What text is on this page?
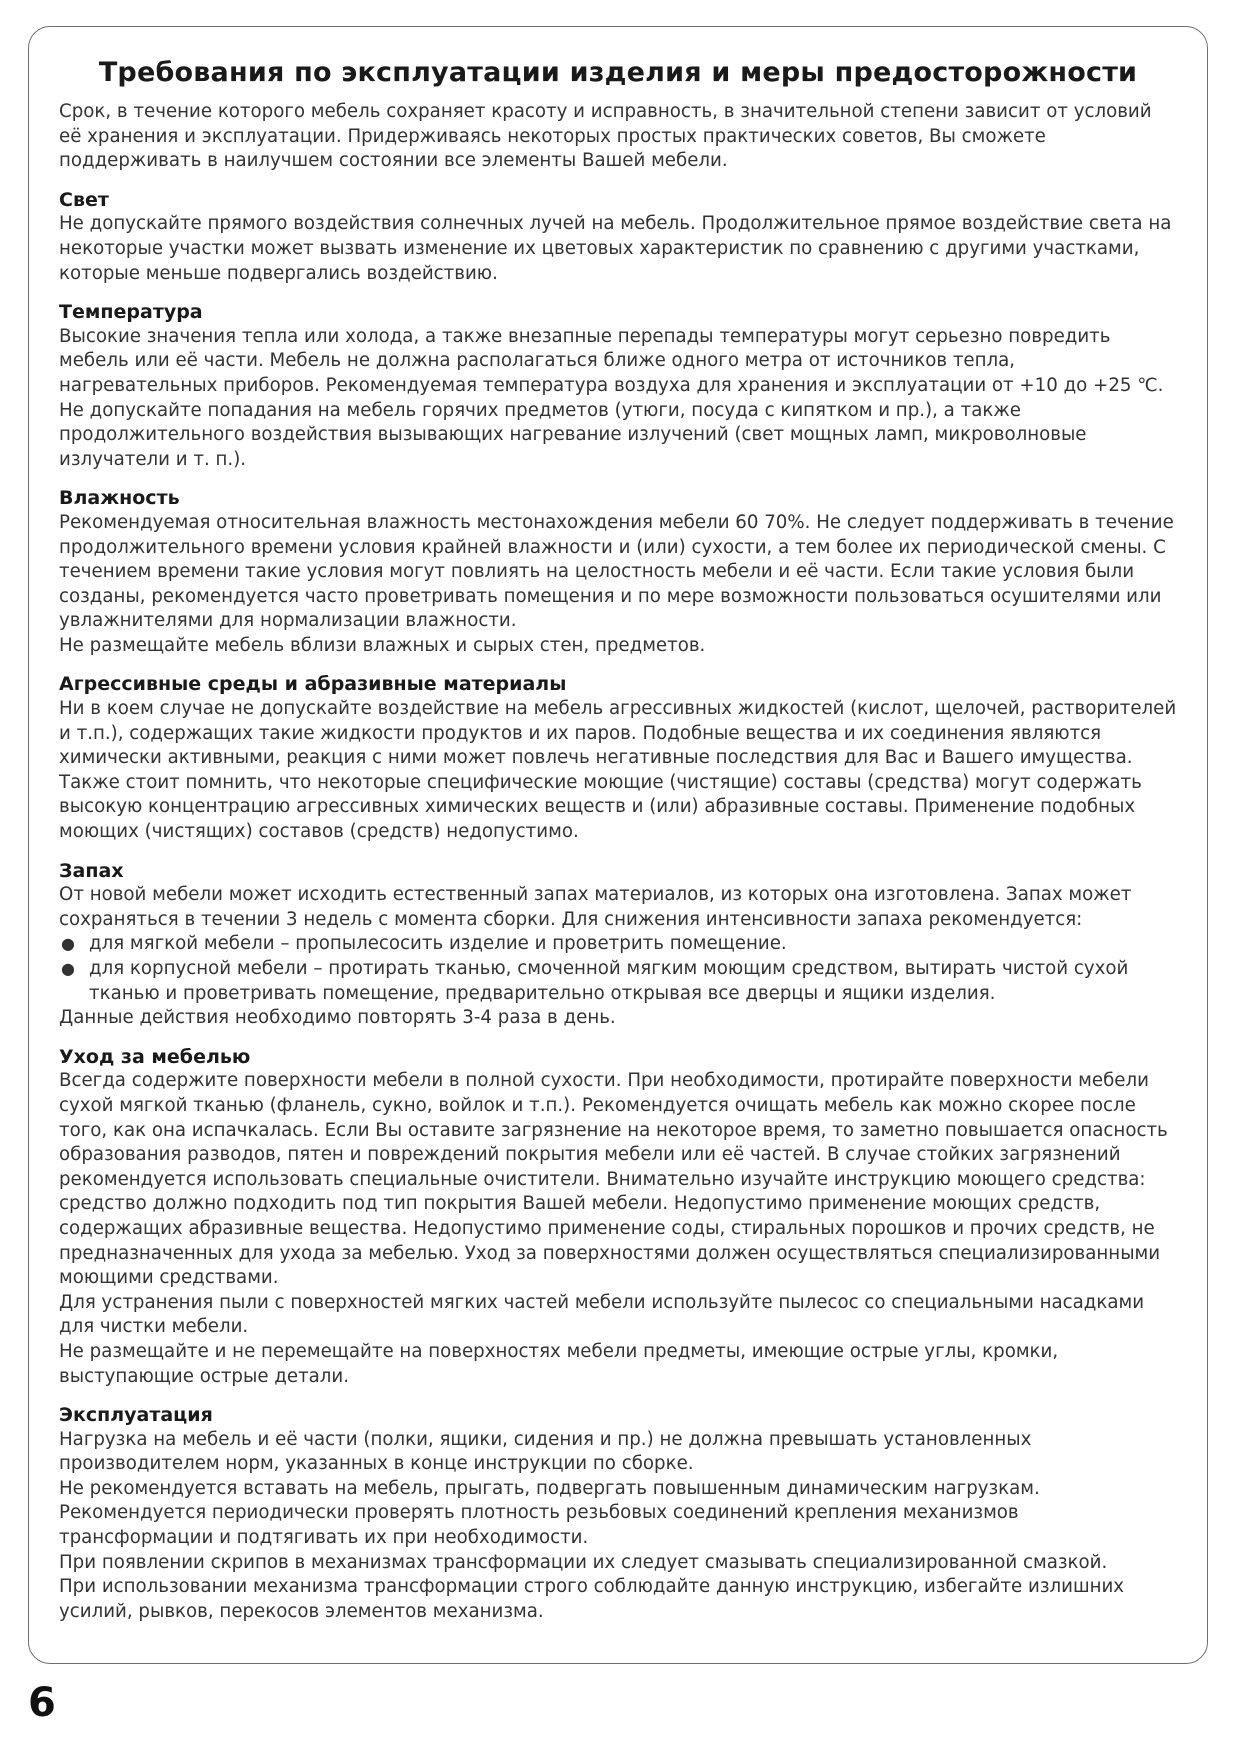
Требования по эксплуатации изделия и меры предосторожности

Срок, в течение которого мебель сохраняет красоту и исправность, в значительной степени зависит от условий её хранения и эксплуатации. Придерживаясь некоторых простых практических советов, Вы сможете поддерживать в наилучшем состоянии все элементы Вашей мебели.

Свет

Не допускайте прямого воздействия солнечных лучей на мебель. Продолжительное прямое воздействие света на некоторые участки может вызвать изменение их цветовых характеристик по сравнению с другими участками, которые меньше подвергались воздействию.

Температура

Высокие значения тепла или холода, а также внезапные перепады температуры могут серьезно повредить мебель или её части. Мебель не должна располагаться ближе одного метра от источников тепла, нагревательных приборов. Рекомендуемая температура воздуха для хранения и эксплуатации от +10 до +25 ℃. Не допускайте попадания на мебель горячих предметов (утюги, посуда с кипятком и пр.), а также продолжительного воздействия вызывающих нагревание излучений (свет мощных ламп, микроволновые излучатели и т. п.).

Влажность

Рекомендуемая относительная влажность местонахождения мебели 60 70%. Не следует поддерживать в течение продолжительного времени условия крайней влажности и (или) сухости, а тем более их периодической смены. С течением времени такие условия могут повлиять на целостность мебели и её части. Если такие условия были созданы, рекомендуется часто проветривать помещения и по мере возможности пользоваться осушителями или увлажнителями для нормализации влажности.

Не размещайте мебель вблизи влажных и сырых стен, предметов.

Агрессивные среды и абразивные материалы

Ни в коем случае не допускайте воздействие на мебель агрессивных жидкостей (кислот, щелочей, растворителей и т.п.), содержащих такие жидкости продуктов и их паров. Подобные вещества и их соединения являются химически активными, реакция с ними может повлечь негативные последствия для Вас и Вашего имущества. Также стоит помнить, что некоторые специфические моющие (чистящие) составы (средства) могут содержать высокую концентрацию агрессивных химических веществ и (или) абразивные составы. Применение подобных моющих (чистящих) составов (средств) недопустимо.

Запах

От новой мебели может исходить естественный запах материалов, из которых она изготовлена. Запах может сохраняться в течении 3 недель с момента сборки. Для снижения интенсивности запаха рекомендуется:

● для мягкой мебели – пропылесосить изделие и проветрить помещение.
● для корпусной мебели – протирать тканью, смоченной мягким моющим средством, вытирать чистой сухой тканью и проветривать помещение, предварительно открывая все дверцы и ящики изделия.

Данные действия необходимо повторять 3-4 раза в день.

Уход за мебелью

Всегда содержите поверхности мебели в полной сухости. При необходимости, протирайте поверхности мебели сухой мягкой тканью (фланель, сукно, войлок и т.п.). Рекомендуется очищать мебель как можно скорее после того, как она испачкалась. Если Вы оставите загрязнение на некоторое время, то заметно повышается опасность образования разводов, пятен и повреждений покрытия мебели или её частей. В случае стойких загрязнений рекомендуется использовать специальные очистители. Внимательно изучайте инструкцию моющего средства: средство должно подходить под тип покрытия Вашей мебели. Недопустимо применение моющих средств, содержащих абразивные вещества. Недопустимо применение соды, стиральных порошков и прочих средств, не предназначенных для ухода за мебелью. Уход за поверхностями должен осуществляться специализированными моющими средствами.

Для устранения пыли с поверхностей мягких частей мебели используйте пылесос со специальными насадками для чистки мебели.

Не размещайте и не перемещайте на поверхностях мебели предметы, имеющие острые углы, кромки, выступающие острые детали.

Эксплуатация

Нагрузка на мебель и её части (полки, ящики, сидения и пр.) не должна превышать установленных производителем норм, указанных в конце инструкции по сборке.

Не рекомендуется вставать на мебель, прыгать, подвергать повышенным динамическим нагрузкам.

Рекомендуется периодически проверять плотность резьбовых соединений крепления механизмов трансформации и подтягивать их при необходимости.

При появлении скрипов в механизмах трансформации их следует смазывать специализированной смазкой.

При использовании механизма трансформации строго соблюдайте данную инструкцию, избегайте излишних усилий, рывков, перекосов элементов механизма.

6
